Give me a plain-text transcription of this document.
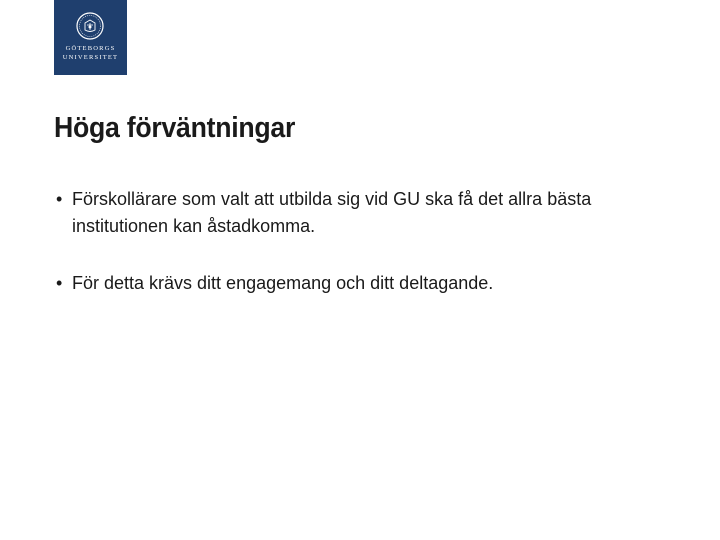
GÖTEBORGS
UNIVERSITET
Höga förväntningar
• Förskollärare som valt att utbilda sig vid GU ska få det allra bästa institutionen kan åstadkomma.
• För detta krävs ditt engagemang och ditt deltagande.
